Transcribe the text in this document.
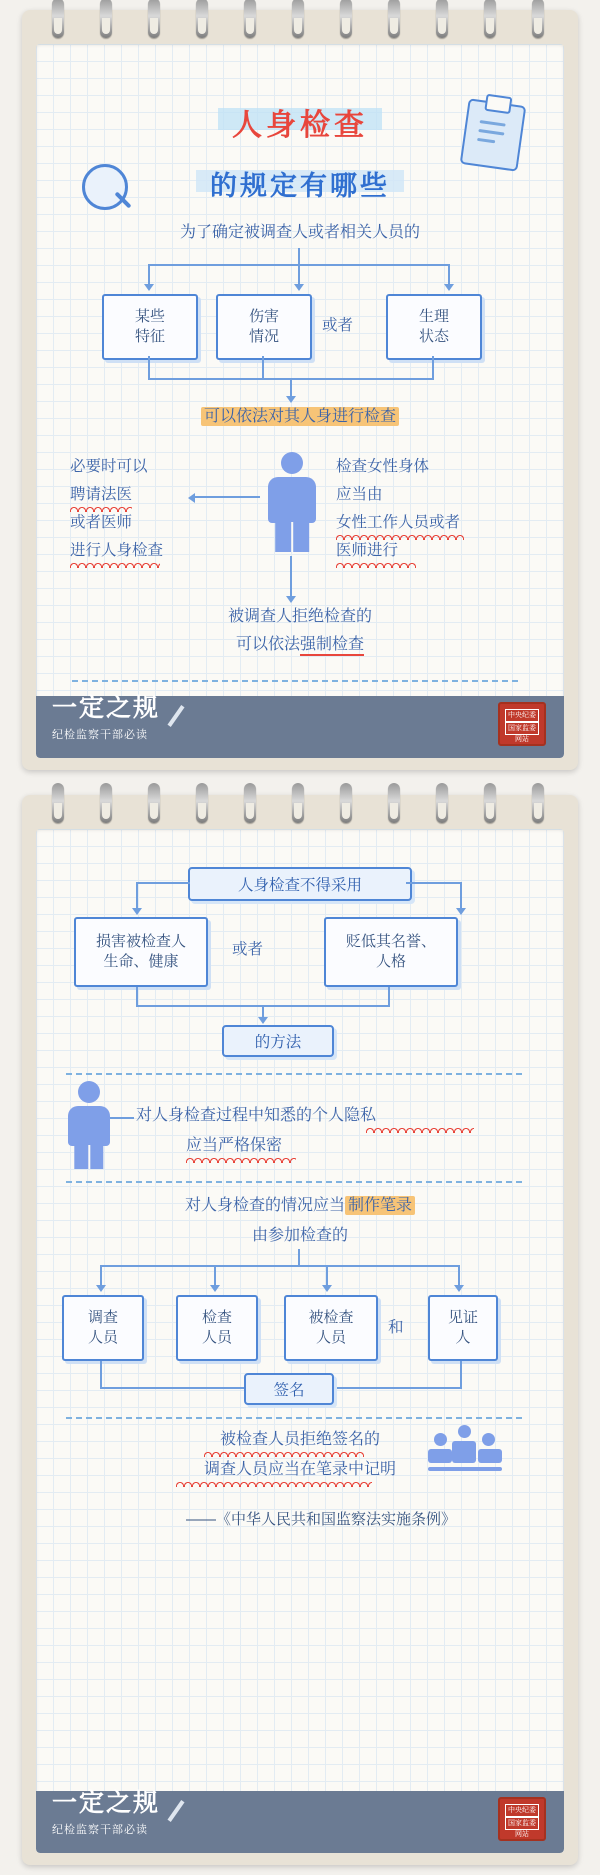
人身检查
的规定有哪些
为了确定被调查人或者相关人员的
某些
特征
伤害
情况
或者
生理
状态
可以依法对其人身进行检查
必要时可以
聘请法医
或者医师
进行人身检查
检查女性身体
应当由
女性工作人员或者
医师进行
被调查人拒绝检查的
可以依法强制检查
一定之规
纪检监察干部必读
中央纪委
国家监委
网站
人身检查不得采用
损害被检查人
生命、健康
或者	贬低其名誉、
人格
的方法
对人身检查过程中知悉的个人隐私
应当严格保密
对人身检查的情况应当 制作笔录
由参加检查的
调查
人员
检查
人员
被检查
人员
和
见证
人
签名
被检查人员拒绝签名的
调查人员应当在笔录中记明
——《中华人民共和国监察法实施条例》
一定之规
纪检监察干部必读
中央纪委
国家监委
网站
